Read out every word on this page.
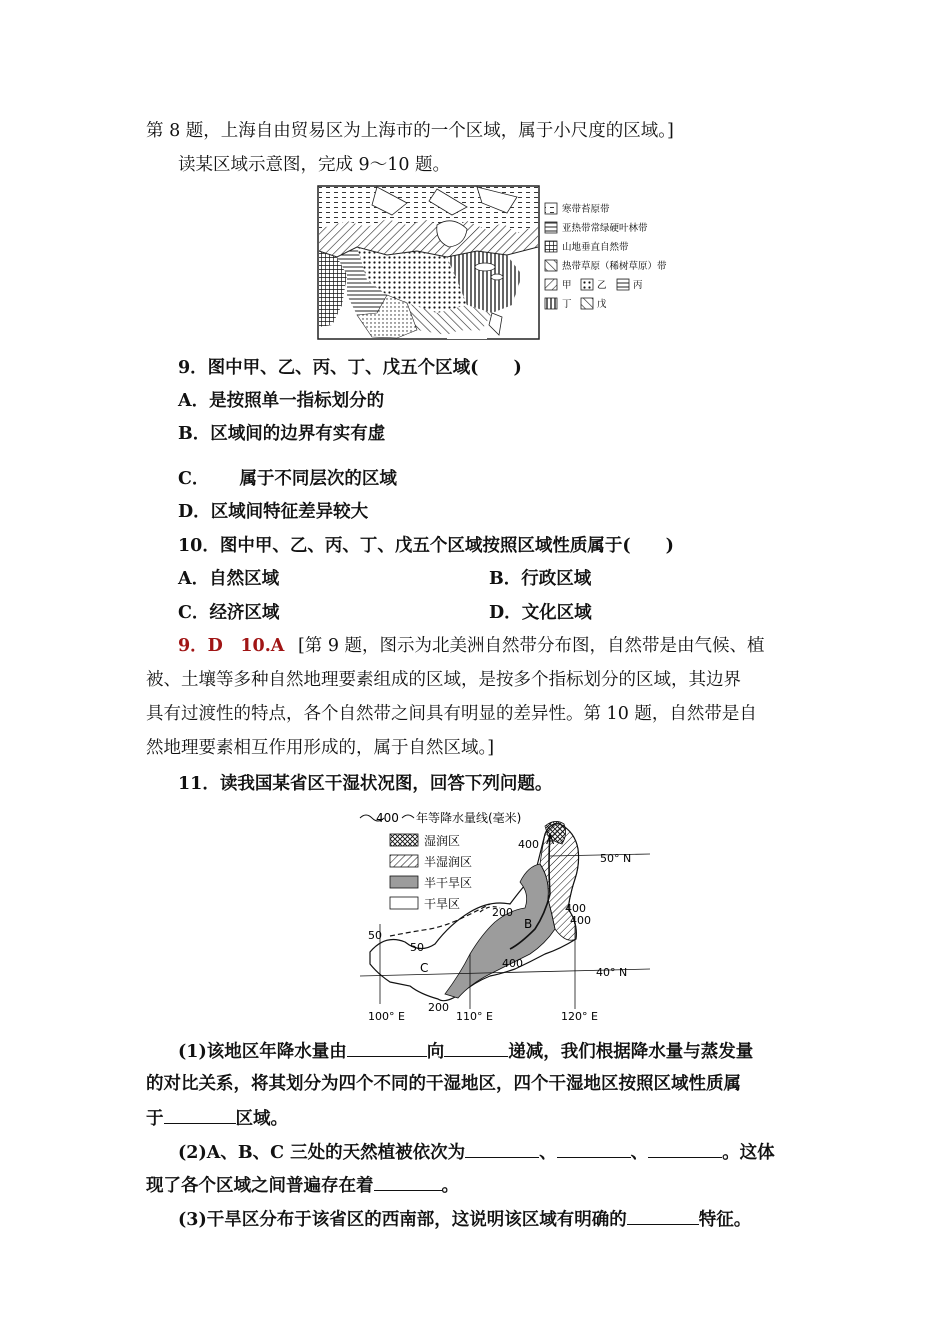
第 8 题，上海自由贸易区为上海市的一个区域，属于小尺度的区域。]
读某区域示意图，完成 9～10 题。
寒带苔原带
亚热带常绿硬叶林带
山地垂直自然带
热带草原（稀树草原）带
甲	乙	丙
丁	戊
9．图中甲、乙、丙、丁、戊五个区域(　　)
A．是按照单一指标划分的
B．区域间的边界有实有虚
C． 属于不同层次的区域
D．区域间特征差异较大
10．图中甲、乙、丙、丁、戊五个区域按照区域性质属于(　　)
A．自然区域	B．行政区域
C．经济区域	D．文化区域
9．D　10.A [第 9 题，图示为北美洲自然带分布图，自然带是由气候、植
被、土壤等多种自然地理要素组成的区域，是按多个指标划分的区域，其边界
具有过渡性的特点，各个自然带之间具有明显的差异性。第 10 题，自然带是自
然地理要素相互作用形成的，属于自然区域。]
11．读我国某省区干湿状况图，回答下列问题。
400 年等降水量线(毫米)
湿润区
半湿润区
半干旱区
干旱区
A
B
C
50° N
40° N
100° E	110° E	120° E
400
400
400
400
200
200
50
50
(1)该地区年降水量由	向	递减，我们根据降水量与蒸发量
的对比关系，将其划分为四个不同的干湿地区，四个干湿地区按照区域性质属
于	区域。
(2)A、B、C 三处的天然植被依次为	、	、	。这体
现了各个区域之间普遍存在着	。
(3)干旱区分布于该省区的西南部，这说明该区域有明确的	特征。
